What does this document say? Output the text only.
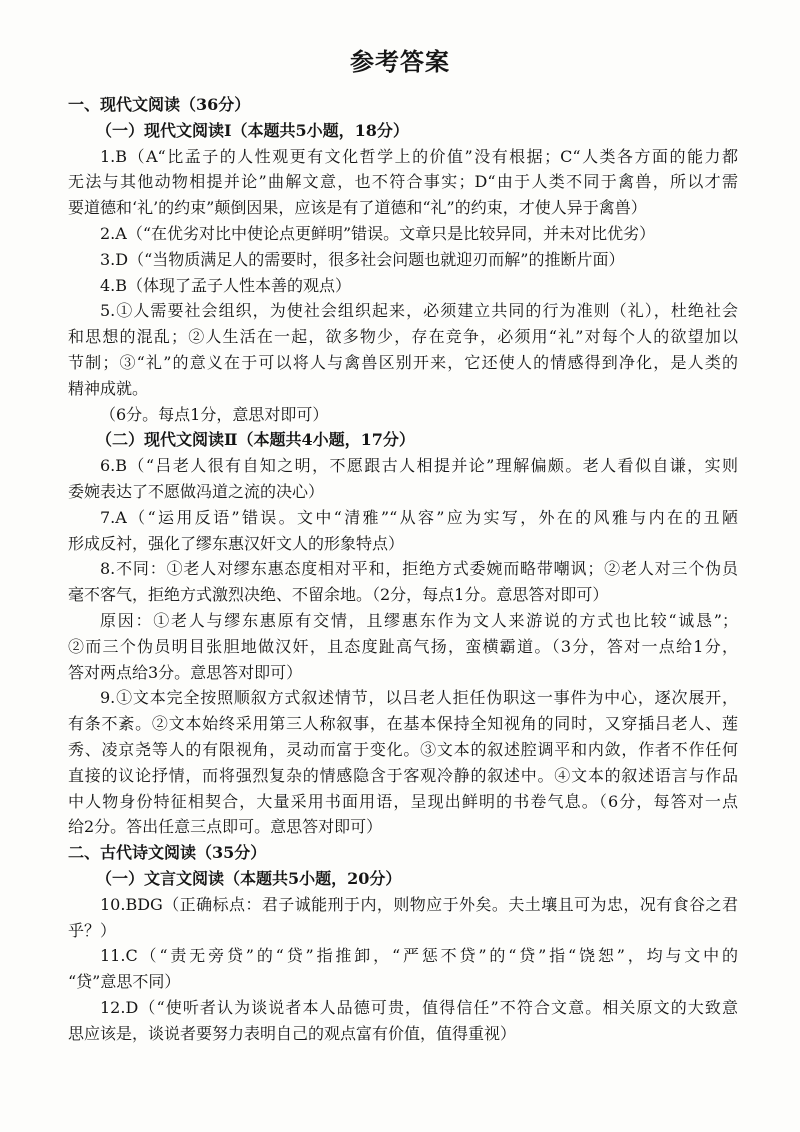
参考答案
一、现代文阅读（36分）
（一）现代文阅读Ⅰ（本题共5小题，18分）
1.B（A“比孟子的人性观更有文化哲学上的价值”没有根据；C“人类各方面的能力都
无法与其他动物相提并论”曲解文意，也不符合事实；D“由于人类不同于禽兽，所以才需
要道德和‘礼’的约束”颠倒因果，应该是有了道德和“礼”的约束，才使人异于禽兽）
2.A（“在优劣对比中使论点更鲜明”错误。文章只是比较异同，并未对比优劣）
3.D（“当物质满足人的需要时，很多社会问题也就迎刃而解”的推断片面）
4.B（体现了孟子人性本善的观点）
5.①人需要社会组织，为使社会组织起来，必须建立共同的行为准则（礼），杜绝社会
和思想的混乱；②人生活在一起，欲多物少，存在竞争，必须用“礼”对每个人的欲望加以
节制；③“礼”的意义在于可以将人与禽兽区别开来，它还使人的情感得到净化，是人类的
精神成就。
（6分。每点1分，意思对即可）
（二）现代文阅读Ⅱ（本题共4小题，17分）
6.B（“吕老人很有自知之明，不愿跟古人相提并论”理解偏颇。老人看似自谦，实则
委婉表达了不愿做冯道之流的决心）
7.A（“运用反语”错误。文中“清雅”“从容”应为实写，外在的风雅与内在的丑陋
形成反衬，强化了缪东惠汉奸文人的形象特点）
8.不同：①老人对缪东惠态度相对平和，拒绝方式委婉而略带嘲讽；②老人对三个伪员
毫不客气，拒绝方式激烈决绝、不留余地。（2分，每点1分。意思答对即可）
原因：①老人与缪东惠原有交情，且缪惠东作为文人来游说的方式也比较“诚恳”；
②而三个伪员明目张胆地做汉奸，且态度趾高气扬，蛮横霸道。（3分，答对一点给1分，
答对两点给3分。意思答对即可）
9.①文本完全按照顺叙方式叙述情节，以吕老人拒任伪职这一事件为中心，逐次展开，
有条不紊。②文本始终采用第三人称叙事，在基本保持全知视角的同时，又穿插吕老人、莲
秀、凌京尧等人的有限视角，灵动而富于变化。③文本的叙述腔调平和内敛，作者不作任何
直接的议论抒情，而将强烈复杂的情感隐含于客观冷静的叙述中。④文本的叙述语言与作品
中人物身份特征相契合，大量采用书面用语，呈现出鲜明的书卷气息。（6分，每答对一点
给2分。答出任意三点即可。意思答对即可）
二、古代诗文阅读（35分）
（一）文言文阅读（本题共5小题，20分）
10.BDG（正确标点：君子诚能刑于内，则物应于外矣。夫土壤且可为忠，况有食谷之君
乎？）
11.C（“责无旁贷”的“贷”指推卸，“严惩不贷”的“贷”指“饶恕”，均与文中的
“贷”意思不同）
12.D（“使听者认为谈说者本人品德可贵，值得信任”不符合文意。相关原文的大致意
思应该是，谈说者要努力表明自己的观点富有价值，值得重视）
